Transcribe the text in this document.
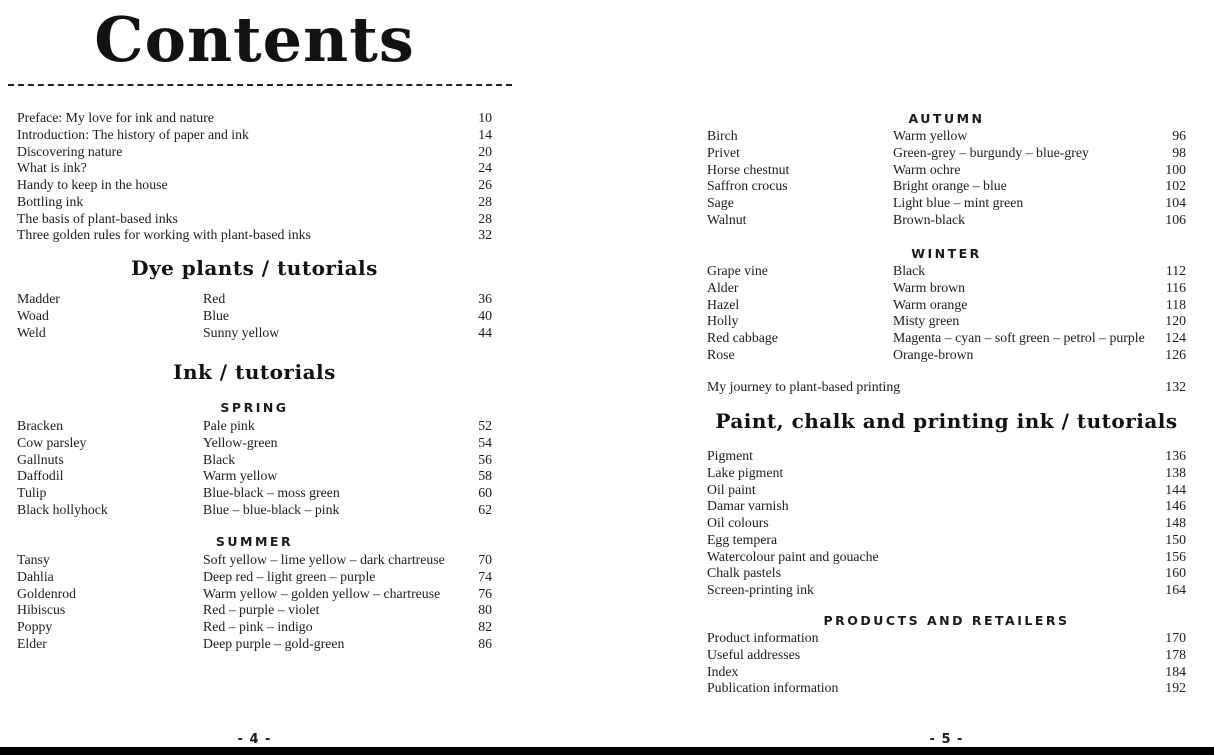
Contents
Preface: My love for ink and nature	10
Introduction: The history of paper and ink	14
Discovering nature	20
What is ink?	24
Handy to keep in the house	26
Bottling ink	28
The basis of plant-based inks	28
Three golden rules for working with plant-based inks	32
Dye plants / tutorials
Madder	Red	36
Woad	Blue	40
Weld	Sunny yellow	44
Ink / tutorials
SPRING
Bracken	Pale pink	52
Cow parsley	Yellow-green	54
Gallnuts	Black	56
Daffodil	Warm yellow	58
Tulip	Blue-black – moss green	60
Black hollyhock	Blue – blue-black – pink	62
SUMMER
Tansy	Soft yellow – lime yellow – dark chartreuse	70
Dahlia	Deep red – light green – purple	74
Goldenrod	Warm yellow – golden yellow – chartreuse	76
Hibiscus	Red – purple – violet	80
Poppy	Red – pink – indigo	82
Elder	Deep purple – gold-green	86
- 4 -
AUTUMN
Birch	Warm yellow	96
Privet	Green-grey – burgundy – blue-grey	98
Horse chestnut	Warm ochre	100
Saffron crocus	Bright orange – blue	102
Sage	Light blue – mint green	104
Walnut	Brown-black	106
WINTER
Grape vine	Black	112
Alder	Warm brown	116
Hazel	Warm orange	118
Holly	Misty green	120
Red cabbage	Magenta – cyan – soft green – petrol – purple	124
Rose	Orange-brown	126
My journey to plant-based printing	132
Paint, chalk and printing ink / tutorials
Pigment	136
Lake pigment	138
Oil paint	144
Damar varnish	146
Oil colours	148
Egg tempera	150
Watercolour paint and gouache	156
Chalk pastels	160
Screen-printing ink	164
PRODUCTS AND RETAILERS
Product information	170
Useful addresses	178
Index	184
Publication information	192
- 5 -
